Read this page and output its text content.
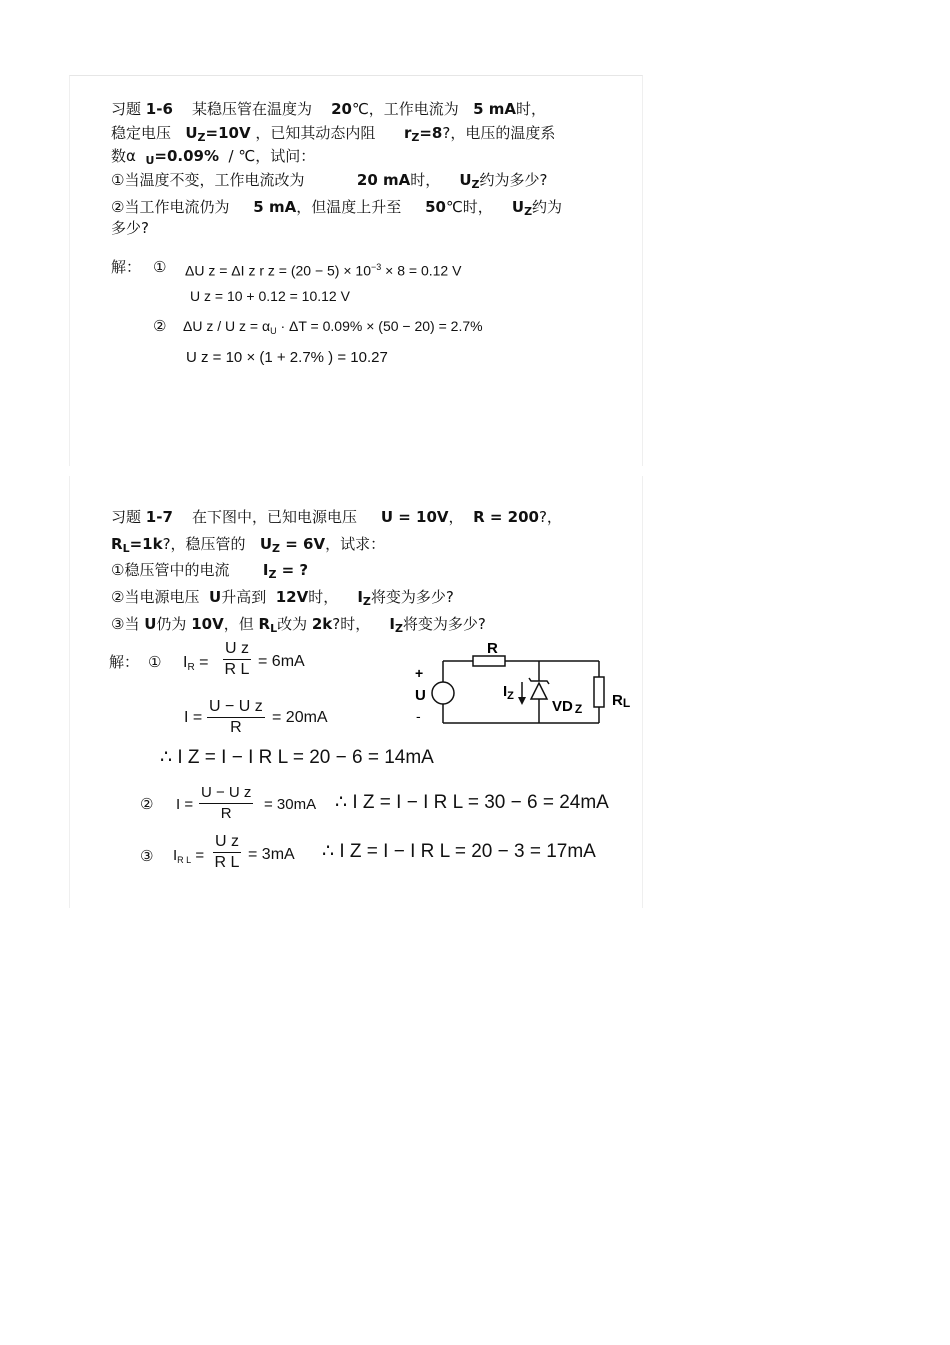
习题 1-6 某稳压管在温度为 20℃，工作电流为 5 mA时，
稳定电压 $U_Z=10V$ ，已知其动态内阻 $r_Z=8$?，电压的温度系
数α $_U$=0.09% / ℃，试问：
①当温度不变，工作电流改为	20 mA时， $U_Z$约为多少?
②当工作电流仍为 5 mA，但温度上升至 50℃时， $U_Z$约为
多少?
解： ① ΔU z = ΔI z r $z = (20 - 5) \times 10^{-3} \times 8 = 0.12$ V
U z = 10 + 0.12 = 10.12 V
② ΔU z / U $z = \alpha_U \cdot \Delta T = 0.09\% \times (50 - 20) = 2.7\%$
U z = 10 × (1 + 2.7% ) = 10.27
习题 1-7 在下图中，已知电源电压 U = 10V， R = 200?，
$R_L=1k$?，稳压管的 $U_Z = 6V$，试求：
①稳压管中的电流 $I_Z$ = ?
②当电源电压 U升高到 12V时， $I_Z$将变为多少?
③当 U仍为 10V，但 $R_L$改为 2k?时， $I_Z$将变为多少?
解： ① $I_R = \frac{\text{U z}}{\text{R L}} = 6mA$
$I = \frac{\text{U − U z}}{R} = 20mA$
∴ I Z = I − I R L = 20 − 6 = 14mA
② $I = \frac{\text{U − U z}}{R} = 30mA$ ∴ I Z = I − I R L = 30 − 6 = 24mA
③ $I_{R L} = \frac{\text{U z}}{\text{R L}} = 3mA$ ∴ I Z = I − I R L = 20 − 3 = 17mA
R
+
U
-
$I_Z$
VD Z RL
